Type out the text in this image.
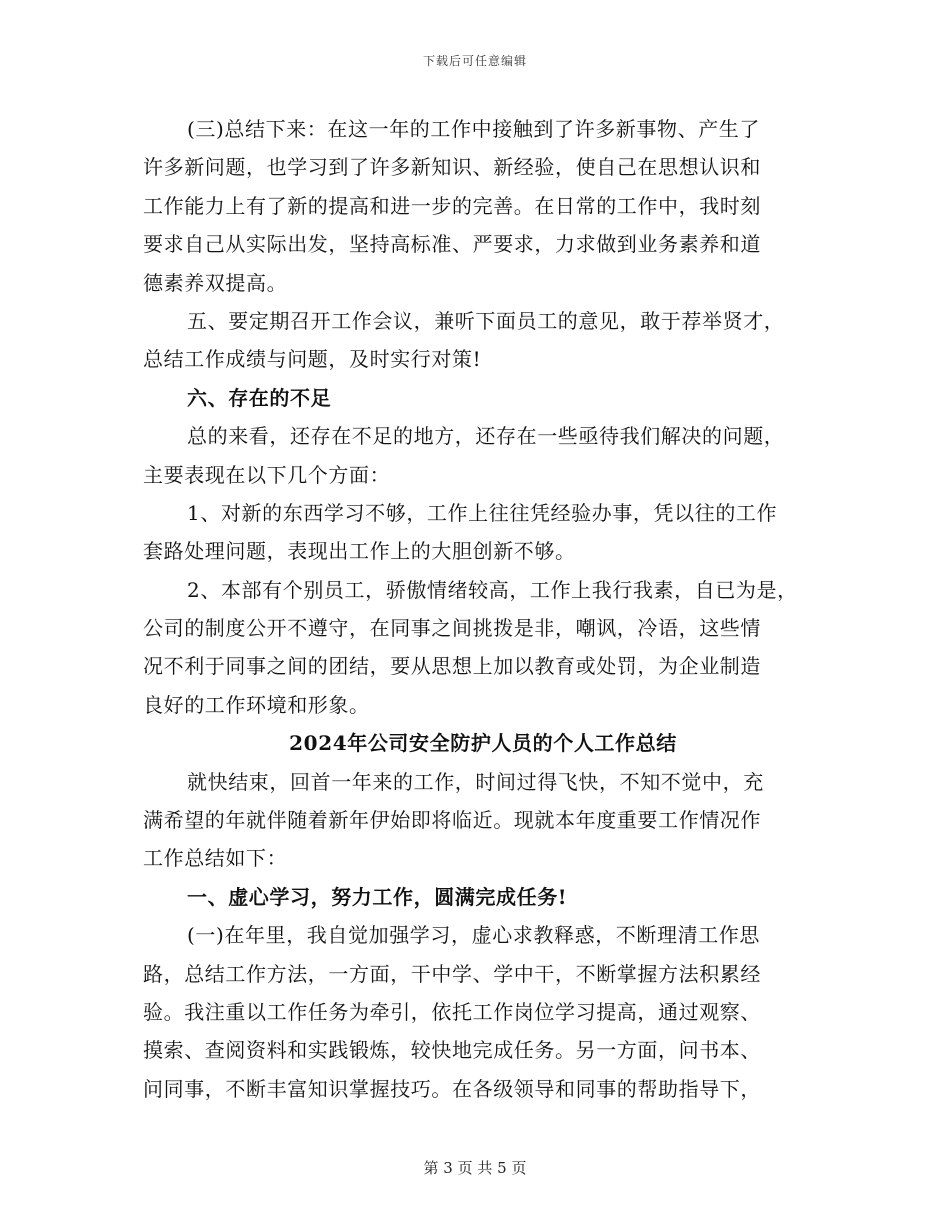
下载后可任意编辑
(三)总结下来：在这一年的工作中接触到了许多新事物、产生了
许多新问题，也学习到了许多新知识、新经验，使自己在思想认识和
工作能力上有了新的提高和进一步的完善。在日常的工作中，我时刻
要求自己从实际出发，坚持高标准、严要求，力求做到业务素养和道
德素养双提高。
五、要定期召开工作会议，兼听下面员工的意见，敢于荐举贤才，
总结工作成绩与问题，及时实行对策!
六、存在的不足
总的来看，还存在不足的地方，还存在一些亟待我们解决的问题，
主要表现在以下几个方面：
1、对新的东西学习不够，工作上往往凭经验办事，凭以往的工作
套路处理问题，表现出工作上的大胆创新不够。
2、本部有个别员工，骄傲情绪较高，工作上我行我素，自已为是，
公司的制度公开不遵守，在同事之间挑拨是非，嘲讽，冷语，这些情
况不利于同事之间的团结，要从思想上加以教育或处罚，为企业制造
良好的工作环境和形象。
2024年公司安全防护人员的个人工作总结
就快结束，回首一年来的工作，时间过得飞快，不知不觉中，充
满希望的年就伴随着新年伊始即将临近。现就本年度重要工作情况作
工作总结如下：
一、虚心学习，努力工作，圆满完成任务!
(一)在年里，我自觉加强学习，虚心求教释惑，不断理清工作思
路，总结工作方法，一方面，干中学、学中干，不断掌握方法积累经
验。我注重以工作任务为牵引，依托工作岗位学习提高，通过观察、
摸索、查阅资料和实践锻炼，较快地完成任务。另一方面，问书本、
问同事，不断丰富知识掌握技巧。在各级领导和同事的帮助指导下，
第 3 页 共 5 页
